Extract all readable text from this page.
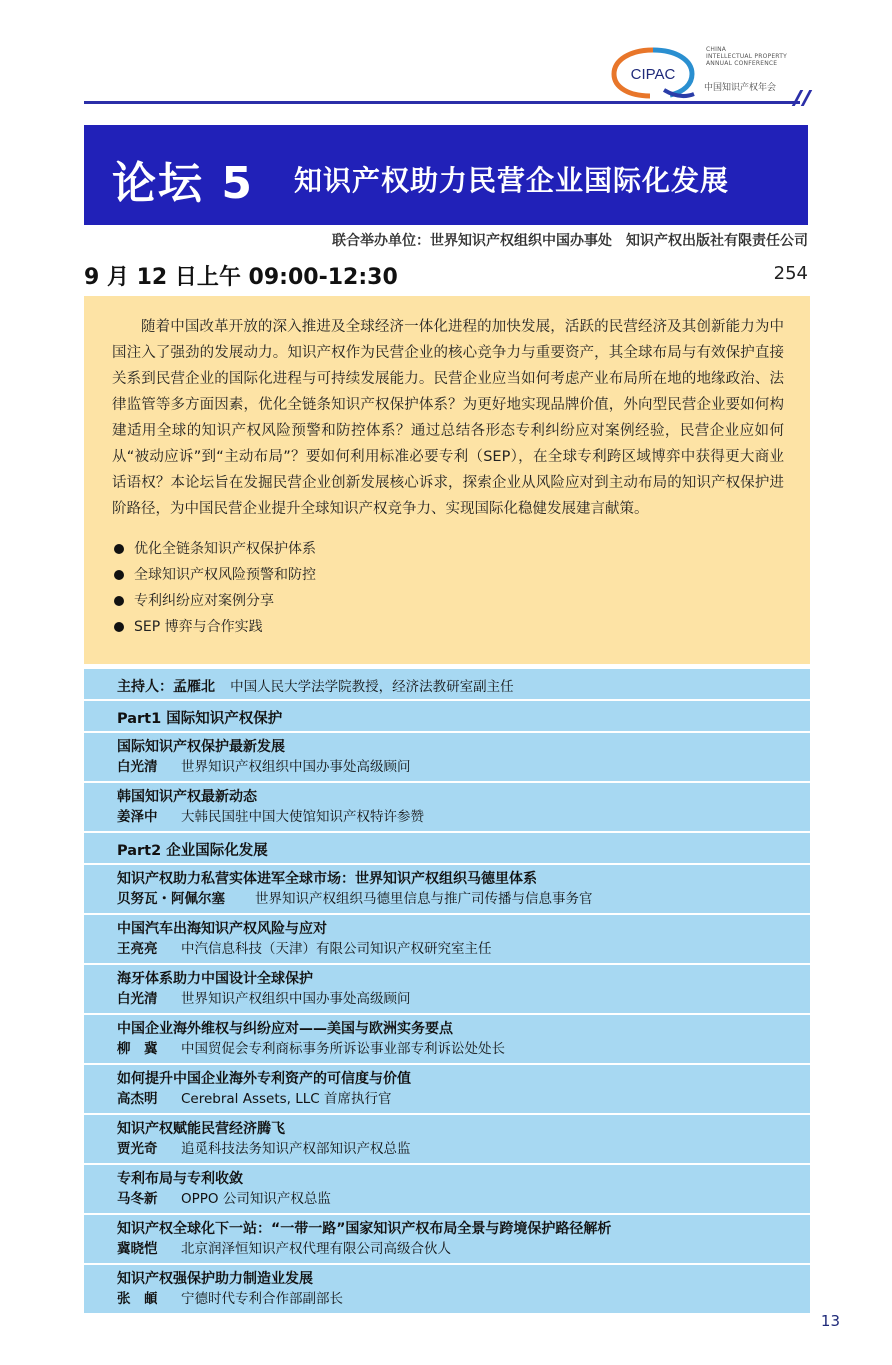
CIPAC
CHINA
INTELLECTUAL PROPERTY
ANNUAL CONFERENCE
中国知识产权年会
论坛 5 知识产权助力民营企业国际化发展
联合举办单位：世界知识产权组织中国办事处　知识产权出版社有限责任公司
9 月 12 日上午 09:00-12:30	254

随着中国改革开放的深入推进及全球经济一体化进程的加快发展，活跃的民营经济及其创新能力为中国注入了强劲的发展动力。知识产权作为民营企业的核心竞争力与重要资产，其全球布局与有效保护直接关系到民营企业的国际化进程与可持续发展能力。民营企业应当如何考虑产业布局所在地的地缘政治、法律监管等多方面因素，优化全链条知识产权保护体系？为更好地实现品牌价值，外向型民营企业要如何构建适用全球的知识产权风险预警和防控体系？通过总结各形态专利纠纷应对案例经验，民营企业应如何从“被动应诉”到“主动布局”？要如何利用标准必要专利（SEP），在全球专利跨区域博弈中获得更大商业话语权？本论坛旨在发掘民营企业创新发展核心诉求，探索企业从风险应对到主动布局的知识产权保护进阶路径，为中国民营企业提升全球知识产权竞争力、实现国际化稳健发展建言献策。

优化全链条知识产权保护体系
全球知识产权风险预警和防控
专利纠纷应对案例分享
SEP 博弈与合作实践
主持人：孟雁北 中国人民大学法学院教授，经济法教研室副主任
Part1 国际知识产权保护
国际知识产权保护最新发展
白光清 世界知识产权组织中国办事处高级顾问
韩国知识产权最新动态
姜泽中 大韩民国驻中国大使馆知识产权特许参赞
Part2 企业国际化发展
知识产权助力私营实体进军全球市场：世界知识产权组织马德里体系
贝努瓦・阿佩尔塞 世界知识产权组织马德里信息与推广司传播与信息事务官
中国汽车出海知识产权风险与应对
王亮亮 中汽信息科技（天津）有限公司知识产权研究室主任
海牙体系助力中国设计全球保护
白光清 世界知识产权组织中国办事处高级顾问
中国企业海外维权与纠纷应对——美国与欧洲实务要点
柳　冀 中国贸促会专利商标事务所诉讼事业部专利诉讼处处长
如何提升中国企业海外专利资产的可信度与价值
高杰明 Cerebral Assets, LLC 首席执行官
知识产权赋能民营经济腾飞
贾光奇 追觅科技法务知识产权部知识产权总监
专利布局与专利收敛
马冬新 OPPO 公司知识产权总监
知识产权全球化下一站：“一带一路”国家知识产权布局全景与跨境保护路径解析
冀晓恺 北京润泽恒知识产权代理有限公司高级合伙人
知识产权强保护助力制造业发展
张　頔 宁德时代专利合作部副部长
13
